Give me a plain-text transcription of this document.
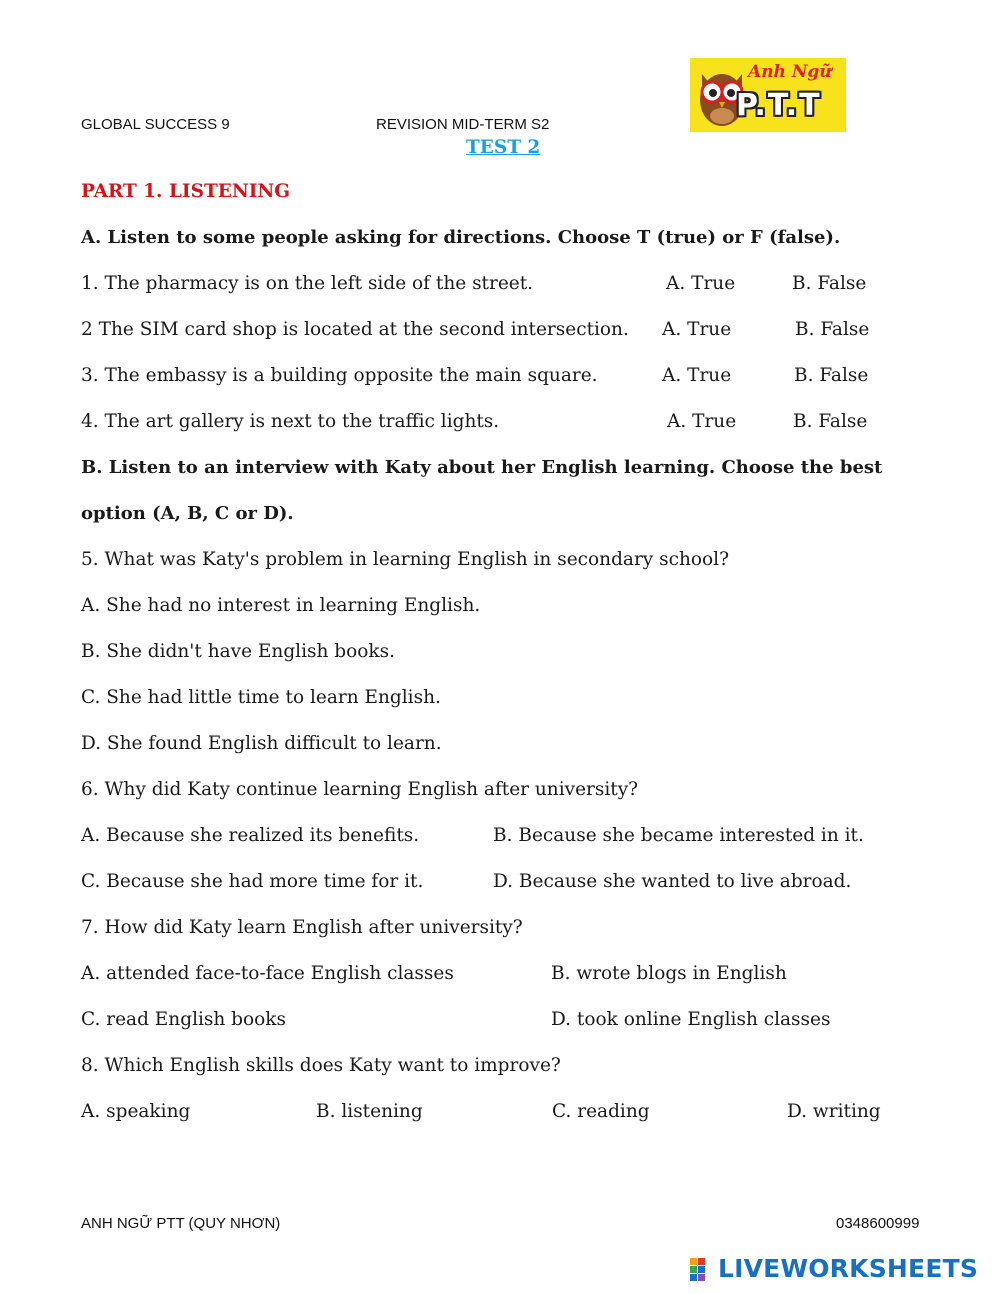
GLOBAL SUCCESS 9	REVISION MID-TERM S2
TEST 2
Anh Ngữ
P.T.T
PART 1. LISTENING
A. Listen to some people asking for directions. Choose T (true) or F (false).
1. The pharmacy is on the left side of the street.	A. True	B. False
2 The SIM card shop is located at the second intersection. A. True	B. False
3. The embassy is a building opposite the main square.	A. True	B. False
4. The art gallery is next to the traffic lights.	A. True	B. False
B. Listen to an interview with Katy about her English learning. Choose the best
option (A, B, C or D).
5. What was Katy's problem in learning English in secondary school?
A. She had no interest in learning English.
B. She didn't have English books.
C. She had little time to learn English.
D. She found English difficult to learn.
6. Why did Katy continue learning English after university?
A. Because she realized its benefits.	B. Because she became interested in it.
C. Because she had more time for it.	D. Because she wanted to live abroad.
7. How did Katy learn English after university?
A. attended face-to-face English classes	B. wrote blogs in English
C. read English books	D. took online English classes
8. Which English skills does Katy want to improve?
A. speaking	B. listening	C. reading	D. writing
ANH NGỮ PTT (QUY NHƠN)	0348600999
LIVEWORKSHEETS
